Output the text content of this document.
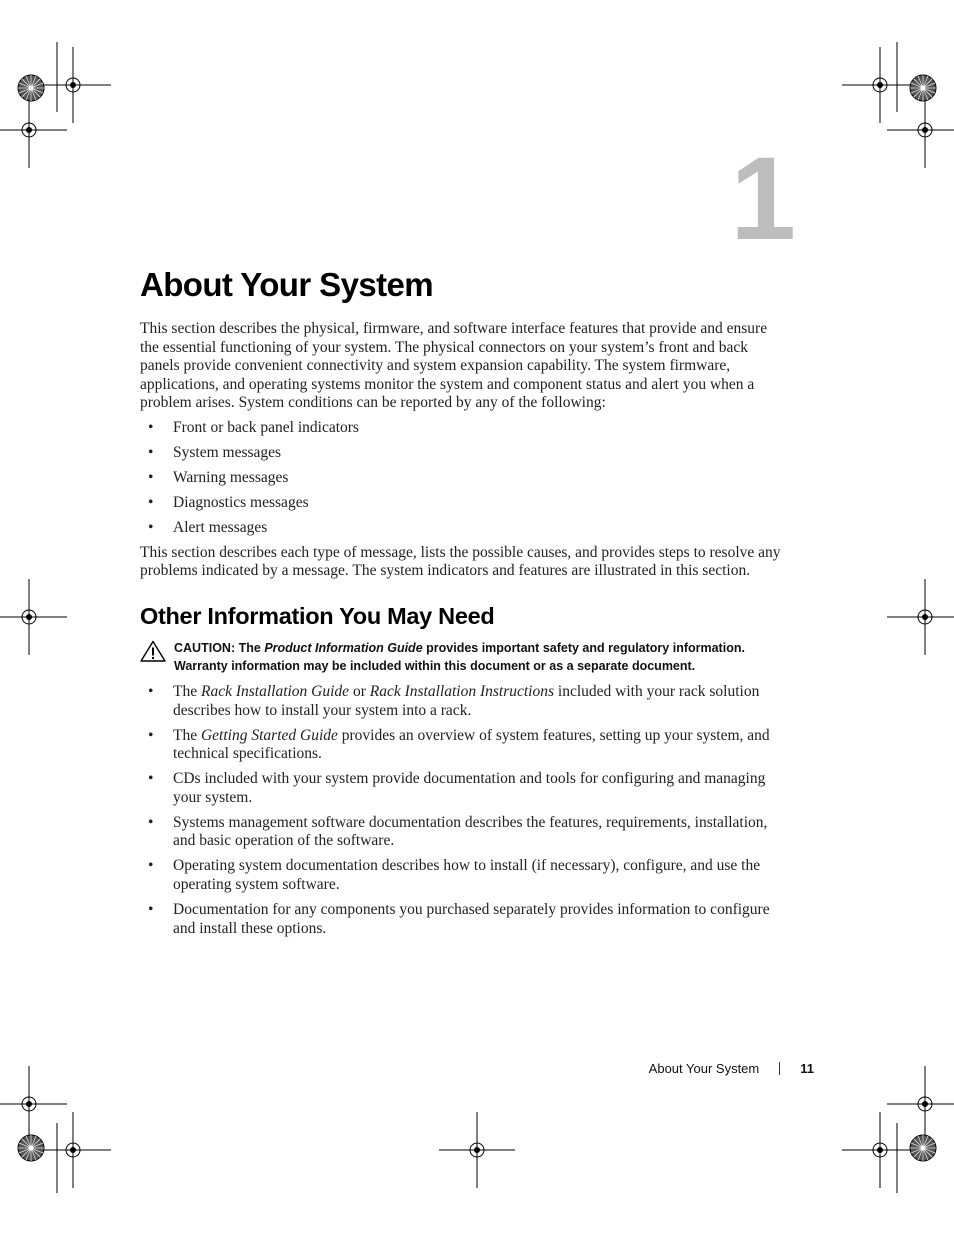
1
About Your System

This section describes the physical, firmware, and software interface features that provide and ensure the essential functioning of your system. The physical connectors on your system’s front and back panels provide convenient connectivity and system expansion capability. The system firmware, applications, and operating systems monitor the system and component status and alert you when a problem arises. System conditions can be reported by any of the following:

• Front or back panel indicators
• System messages
• Warning messages
• Diagnostics messages
• Alert messages

This section describes each type of message, lists the possible causes, and provides steps to resolve any problems indicated by a message. The system indicators and features are illustrated in this section.

Other Information You May Need
CAUTION: The Product Information Guide provides important safety and regulatory information. Warranty information may be included within this document or as a separate document.
• The Rack Installation Guide or Rack Installation Instructions included with your rack solution describes how to install your system into a rack.
• The Getting Started Guide provides an overview of system features, setting up your system, and technical specifications.
• CDs included with your system provide documentation and tools for configuring and managing your system.
• Systems management software documentation describes the features, requirements, installation, and basic operation of the software.
• Operating system documentation describes how to install (if necessary), configure, and use the operating system software.
• Documentation for any components you purchased separately provides information to configure and install these options.
About Your System	11
